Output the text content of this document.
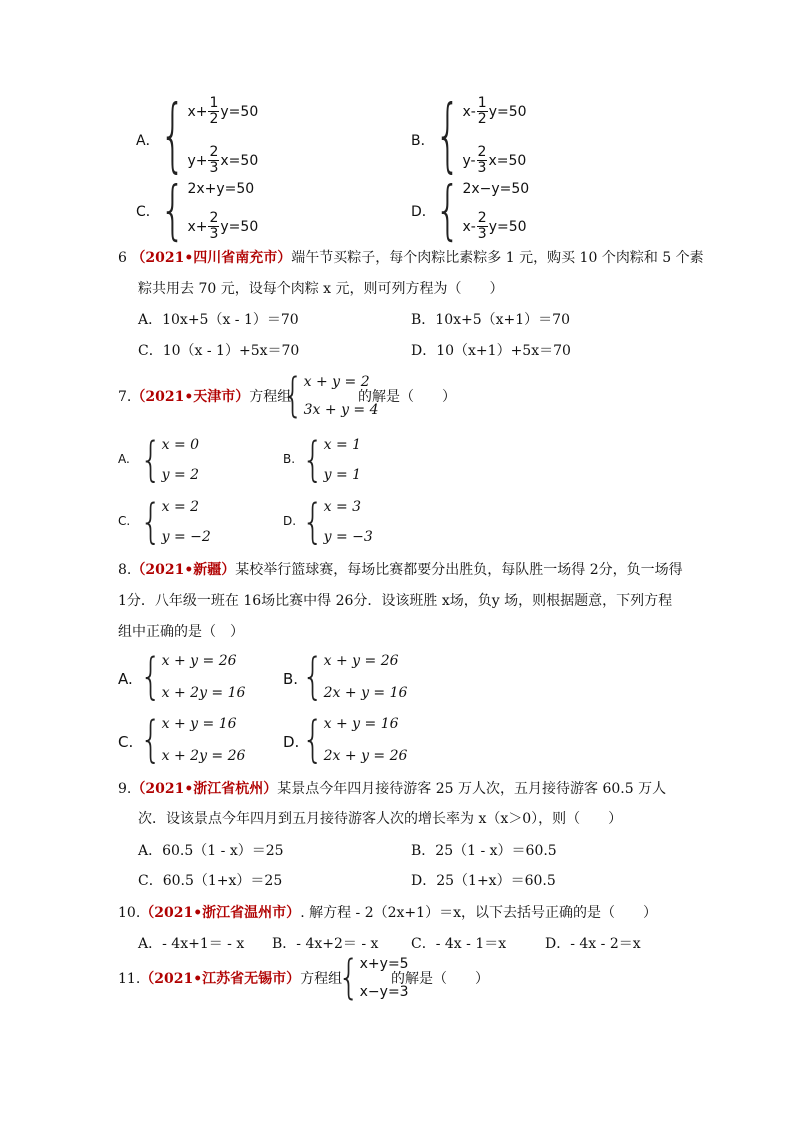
A． { $x+ \frac{1}{2} y=50$
$y+ \frac{2}{3} x=50$
B． { $x- \frac{1}{2} y=50$
$y- \frac{2}{3} x=50$
C． { 2x+y=50
$x+ \frac{2}{3} y=50$
D． { 2x−y=50
$x- \frac{2}{3} y=50$
6 （2021•四川省南充市）端午节买粽子，每个肉粽比素粽多 1 元，购买 10 个肉粽和 5 个素
粽共用去 70 元，设每个肉粽 x 元，则可列方程为（　　）
A．10x+5（x - 1）＝70	B．10x+5（x+1）＝70
C．10（x - 1）+5x＝70	D．10（x+1）+5x＝70
7.（2021•天津市）方程组
{ x + y = 2
3x + y = 4
的解是（　　）
A. { x = 0
y = 2
B. { x = 1
y = 1
C. { x = 2
y = −2
D. { x = 3
y = −3
8.（2021•新疆）某校举行篮球赛，每场比赛都要分出胜负，每队胜一场得 2分，负一场得
1分．八年级一班在 16场比赛中得 26分．设该班胜 x场，负y 场，则根据题意，下列方程
组中正确的是（　）
A. { x + y = 26
x + 2y = 16
B. { x + y = 26
2x + y = 16
C. { x + y = 16
x + 2y = 26
D. { x + y = 16
2x + y = 26
9.（2021•浙江省杭州）某景点今年四月接待游客 25 万人次，五月接待游客 60.5 万人
次．设该景点今年四月到五月接待游客人次的增长率为 x（x＞0），则（　　）
A．60.5（1 - x）＝25	B．25（1 - x）＝60.5
C．60.5（1+x）＝25	D．25（1+x）＝60.5
10.（2021•浙江省温州市）. 解方程 - 2（2x+1）＝x，以下去括号正确的是（　　）
A．- 4x+1＝ - x B．- 4x+2＝ - x C．- 4x - 1＝x	D．- 4x - 2＝x
11.（2021•江苏省无锡市）方程组
{ x+y=5
x−y=3
的解是（　　）
